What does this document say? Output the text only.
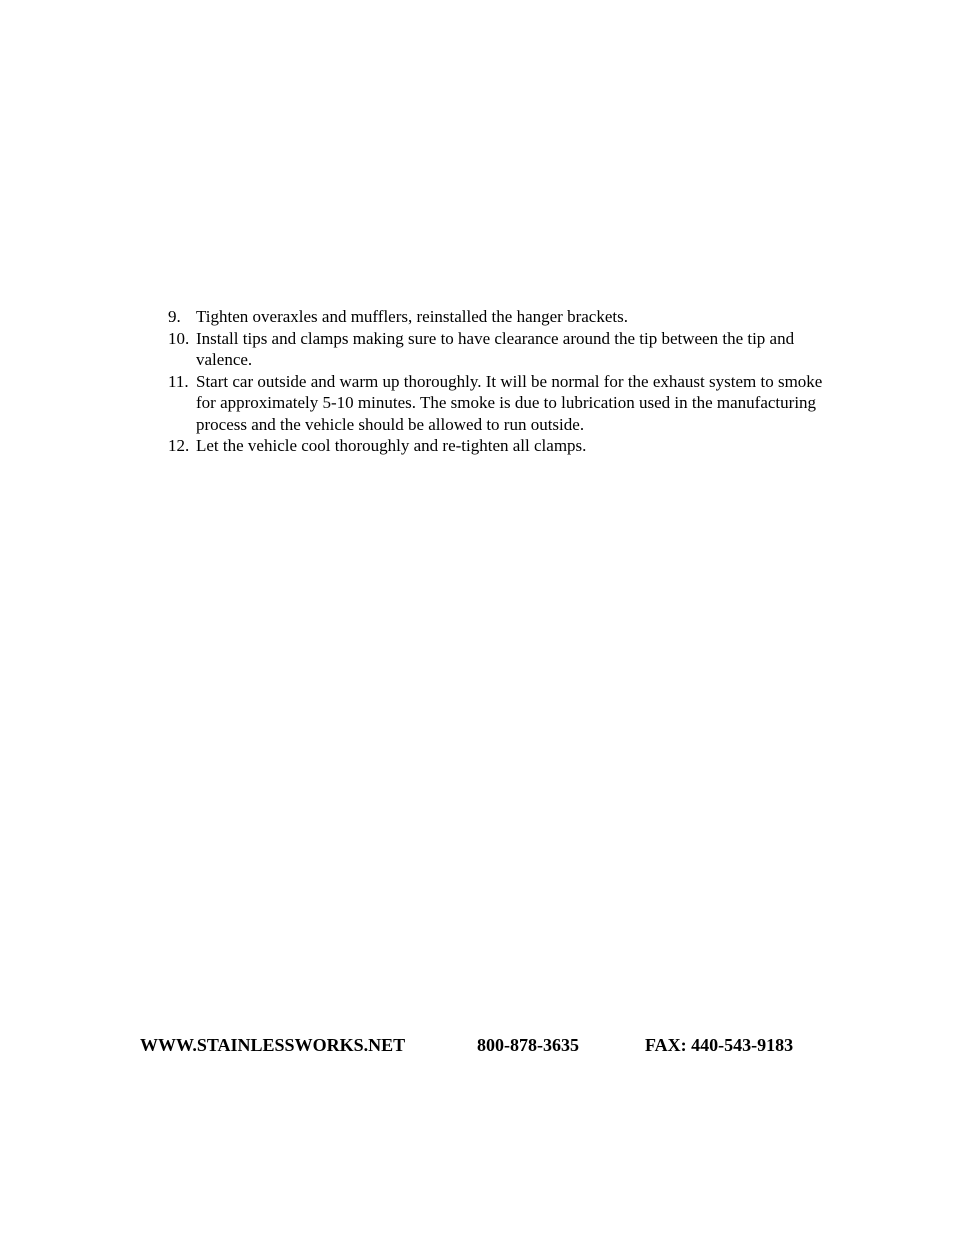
9. Tighten overaxles and mufflers, reinstalled the hanger brackets.
10. Install tips and clamps making sure to have clearance around the tip between the tip and valence.
11. Start car outside and warm up thoroughly. It will be normal for the exhaust system to smoke for approximately 5-10 minutes. The smoke is due to lubrication used in the manufacturing process and the vehicle should be allowed to run outside.
12. Let the vehicle cool thoroughly and re-tighten all clamps.
WWW.STAINLESSWORKS.NET	800-878-3635	FAX: 440-543-9183
